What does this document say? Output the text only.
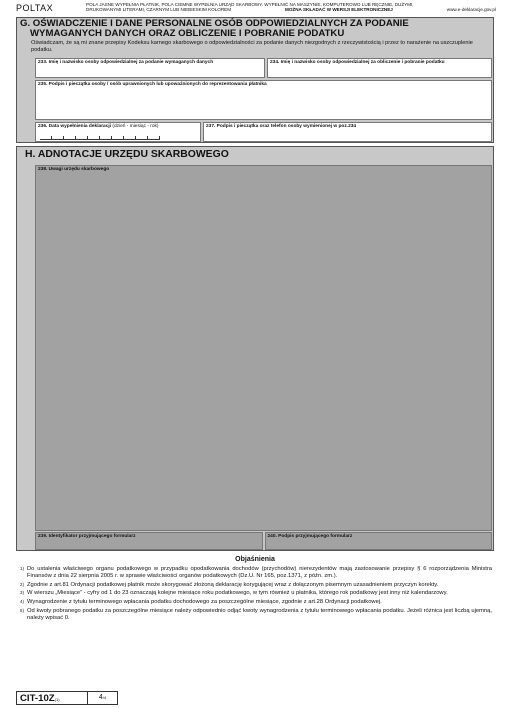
POLTAX	POLA JASNE WYPEŁNIA PŁATNIK, POLA CIEMNE WYPEŁNIA URZĄD SKARBOWY. WYPEŁNIĆ NA MASZYNIE, KOMPUTEROWO LUB RĘCZNIE, DUŻYMI,
DRUKOWANYMI LITERAMI, CZARNYM LUB NIEBIESKIM KOLOREM	MOŻNA SKŁADAĆ W WERSJI ELEKTRONICZNEJ	www.e-deklaracje.gov.pl
G. OŚWIADCZENIE I DANE PERSONALNE OSÓB ODPOWIEDZIALNYCH ZA PODANIE
WYMAGANYCH DANYCH ORAZ OBLICZENIE I POBRANIE PODATKU
Oświadczam, że są mi znane przepisy Kodeksu karnego skarbowego o odpowiedzialności za podanie danych niezgodnych z rzeczywistością i przez to narażenie na uszczuplenie podatku.
233. Imię i nazwisko osoby odpowiedzialnej za podanie wymaganych danych	234. Imię i nazwisko osoby odpowiedzialnej za obliczenie i pobranie podatku
235. Podpis i pieczątka osoby / osób uprawnionych lub upoważnionych do reprezentowania płatnika
236. Data wypełnienia deklaracji (dzień - miesiąc - rok)	237. Podpis i pieczątka oraz telefon osoby wymienionej w poz.234
H. ADNOTACJE URZĘDU SKARBOWEGO
238. Uwagi urzędu skarbowego
239. Identyfikator przyjmującego formularz	240. Podpis przyjmującego formularz
Objaśnienia
1) Do ustalenia właściwego organu podatkowego w przypadku opodatkowania dochodów (przychodów) nierezydentów mają zastosowanie przepisy § 6 rozporządzenia Ministra Finansów z dnia 22 sierpnia 2005 r. w sprawie właściwości organów podatkowych (Dz.U. Nr 165, poz.1371, z późn. zm.).
2) Zgodnie z art.81 Ordynacji podatkowej płatnik może skorygować złożoną deklarację korygującej wraz z dołączonym pisemnym uzasadnieniem przyczyn korekty.
3) W wierszu „Miesiące” - cyfry od 1 do 23 oznaczają kolejne miesiące roku podatkowego, w tym również u płatnika, którego rok podatkowy jest inny niż kalendarzowy.
4) Wynagrodzenie z tytułu terminowego wpłacania podatku dochodowego za poszczególne miesiące, zgodnie z art.28 Ordynacji podatkowej.
5) Od kwoty pobranego podatku za poszczególne miesiące należy odpowiednio odjąć kwoty wynagrodzenia z tytułu terminowego wpłacania podatku. Jeżeli różnica jest liczbą ujemną, należy wpisać 0.
CIT-10Z(1)	4/4
